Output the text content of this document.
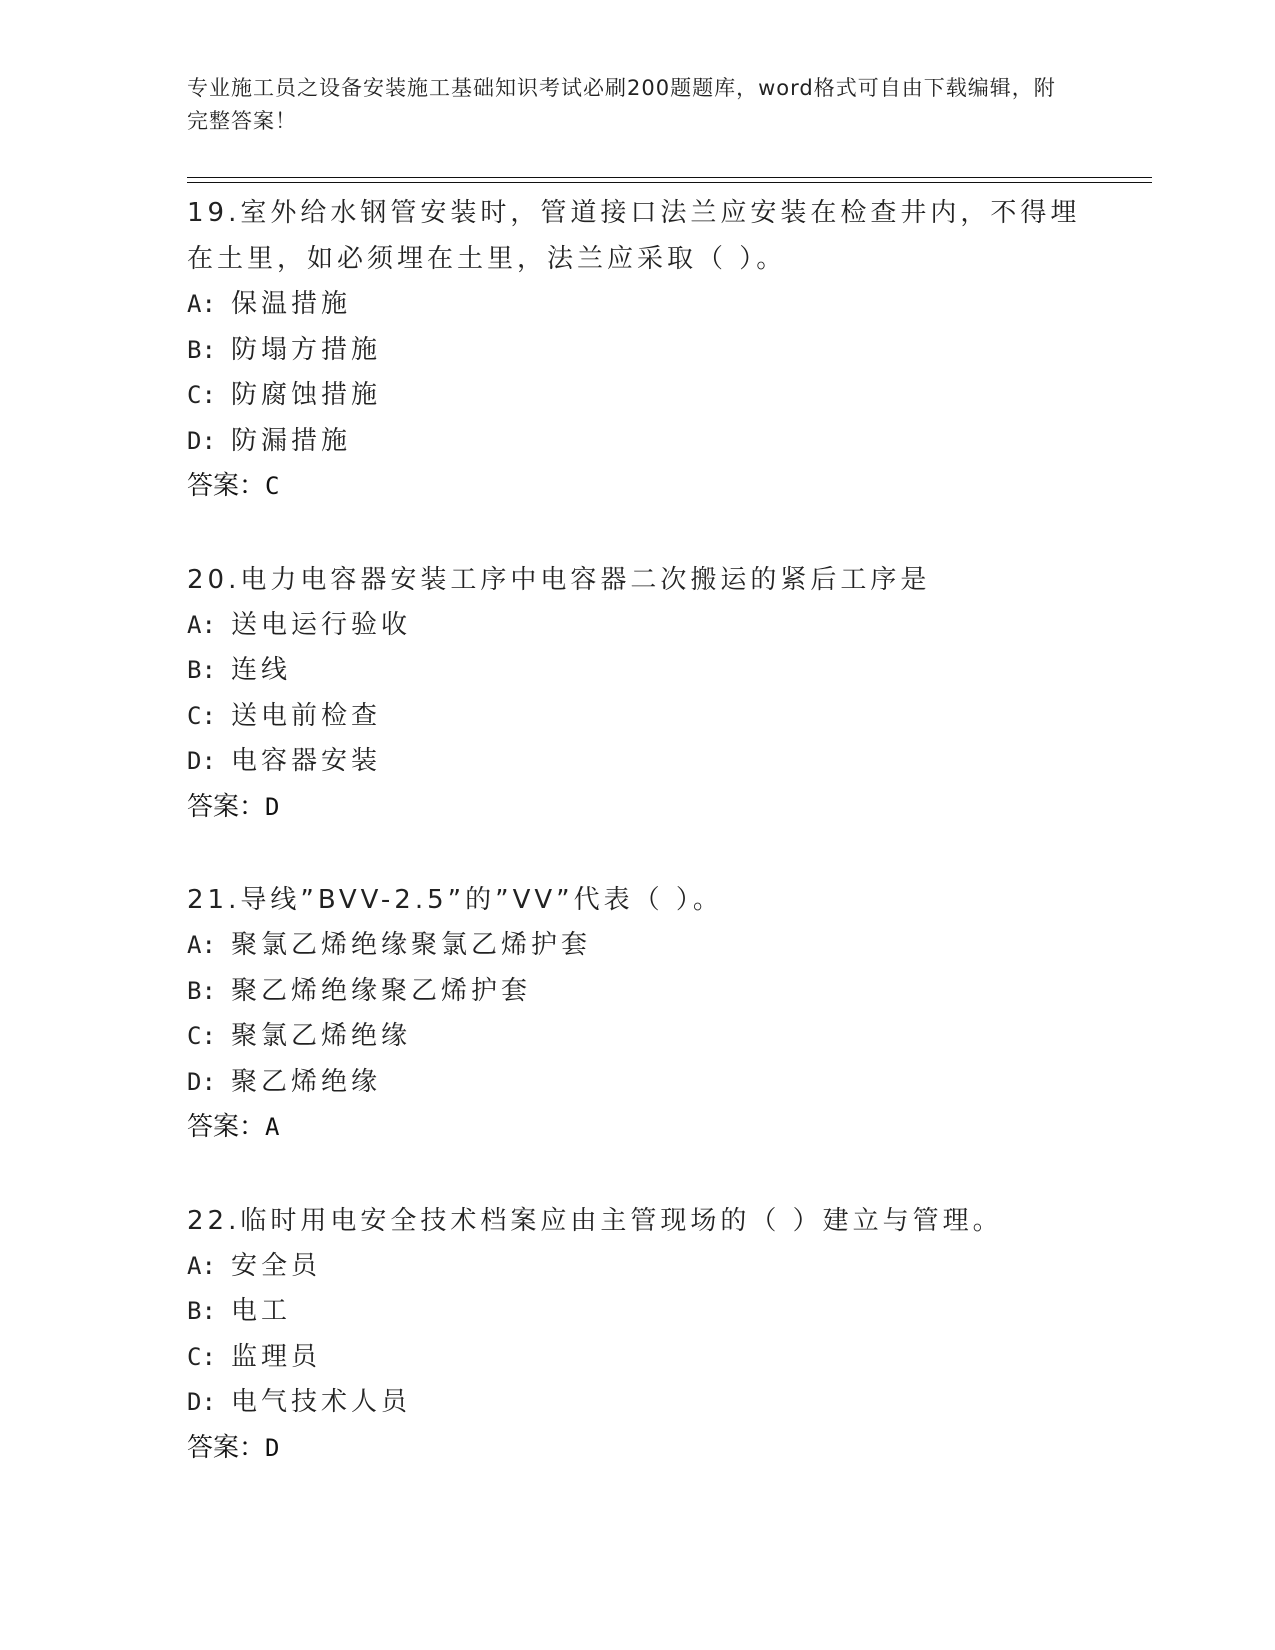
专业施工员之设备安装施工基础知识考试必刷200题题库，word格式可自由下载编辑，附完整答案！

19.室外给水钢管安装时，管道接口法兰应安装在检查井内，不得埋在土里，如必须埋在土里，法兰应采取（ ）。

A: 保温措施
B: 防塌方措施
C: 防腐蚀措施
D: 防漏措施
答案：C

20.电力电容器安装工序中电容器二次搬运的紧后工序是

A: 送电运行验收
B: 连线
C: 送电前检查
D: 电容器安装
答案：D

21.导线”BVV-2.5”的”VV”代表（ ）。

A: 聚氯乙烯绝缘聚氯乙烯护套
B: 聚乙烯绝缘聚乙烯护套
C: 聚氯乙烯绝缘
D: 聚乙烯绝缘
答案：A

22.临时用电安全技术档案应由主管现场的（ ）建立与管理。

A: 安全员
B: 电工
C: 监理员
D: 电气技术人员
答案：D
